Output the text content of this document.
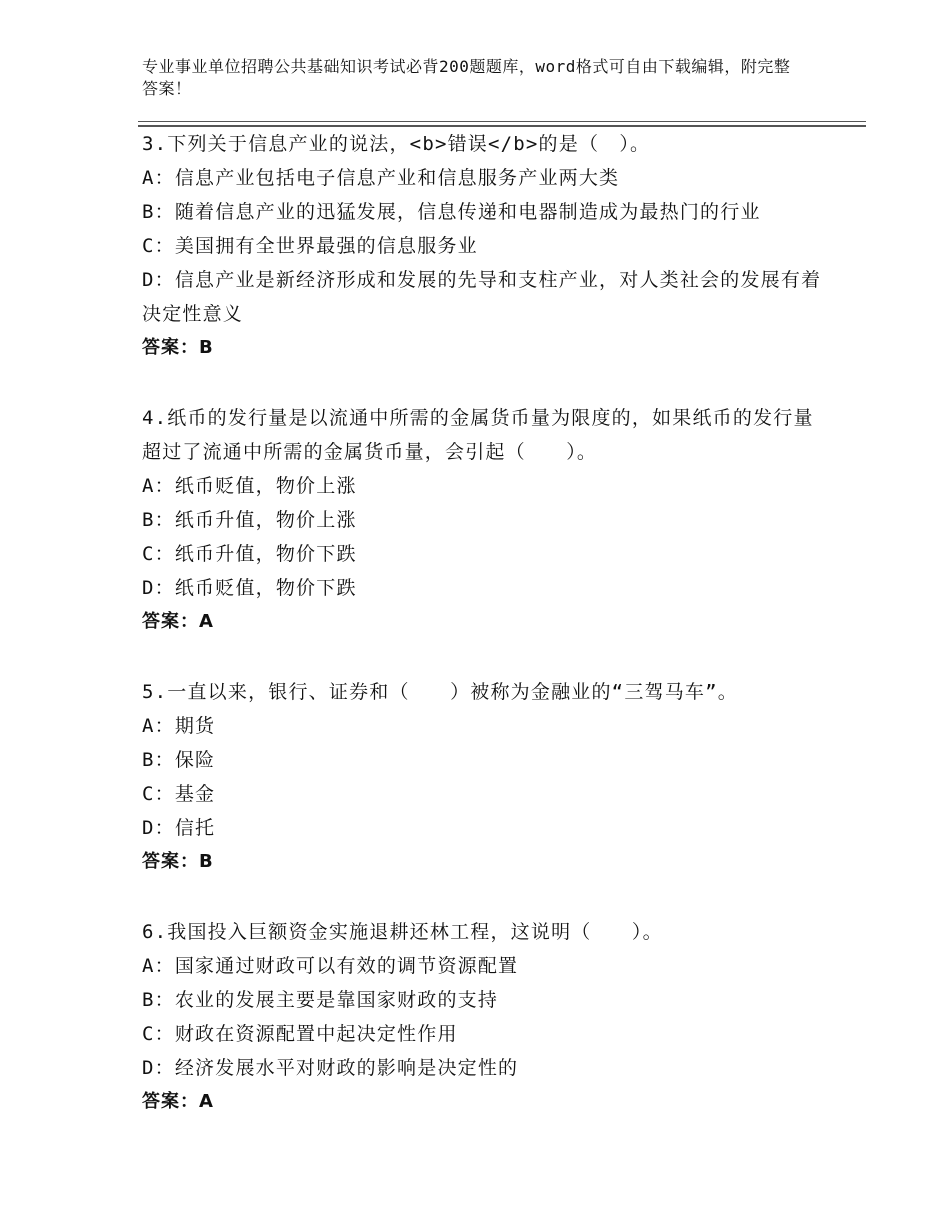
专业事业单位招聘公共基础知识考试必背200题题库，word格式可自由下载编辑，附完整答案！
3.下列关于信息产业的说法，<b>错误</b>的是（　）。
A：信息产业包括电子信息产业和信息服务产业两大类
B：随着信息产业的迅猛发展，信息传递和电器制造成为最热门的行业
C：美国拥有全世界最强的信息服务业
D：信息产业是新经济形成和发展的先导和支柱产业，对人类社会的发展有着决定性意义
答案：B
4.纸币的发行量是以流通中所需的金属货币量为限度的，如果纸币的发行量超过了流通中所需的金属货币量，会引起（　　）。
A：纸币贬值，物价上涨
B：纸币升值，物价上涨
C：纸币升值，物价下跌
D：纸币贬值，物价下跌
答案：A
5.一直以来，银行、证券和（　　）被称为金融业的“三驾马车”。
A：期货
B：保险
C：基金
D：信托
答案：B
6.我国投入巨额资金实施退耕还林工程，这说明（　　）。
A：国家通过财政可以有效的调节资源配置
B：农业的发展主要是靠国家财政的支持
C：财政在资源配置中起决定性作用
D：经济发展水平对财政的影响是决定性的
答案：A
